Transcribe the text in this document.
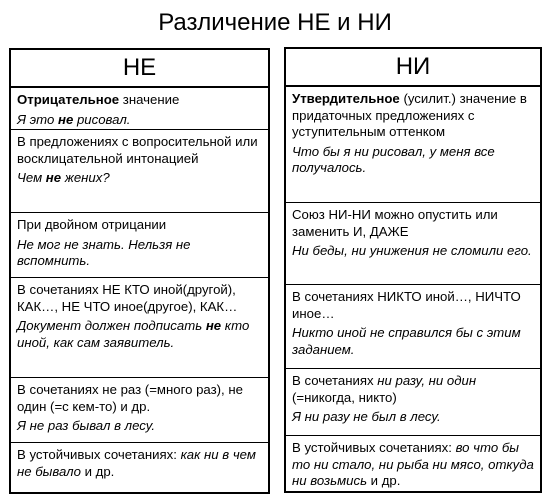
Различение НЕ и НИ
НЕ

Отрицательное значение

Я это не рисовал.

В предложениях с вопросительной или восклицательной интонацией

Чем не жених?

При двойном отрицании

Не мог не знать. Нельзя не вспомнить.

В сочетаниях НЕ КТО иной(другой), КАК…, НЕ ЧТО иное(другое), КАК…

Документ должен подписать не кто иной, как сам заявитель.

В сочетаниях не раз (=много раз), не один (=с кем-то) и др.

Я не раз бывал в лесу.

В устойчивых сочетаниях: как ни в чем не бывало и др.

НИ

Утвердительное (усилит.) значение в придаточных предложениях с уступительным оттенком

Что бы я ни рисовал, у меня все получалось.

Союз НИ-НИ можно опустить или заменить И, ДАЖЕ

Ни беды, ни унижения не сломили его.

В сочетаниях НИКТО иной…, НИЧТО иное…

Никто иной не справился бы с этим заданием.

В сочетаниях ни разу, ни один (=никогда, никто)

Я ни разу не был в лесу.

В устойчивых сочетаниях: во что бы то ни стало, ни рыба ни мясо, откуда ни возьмись и др.
